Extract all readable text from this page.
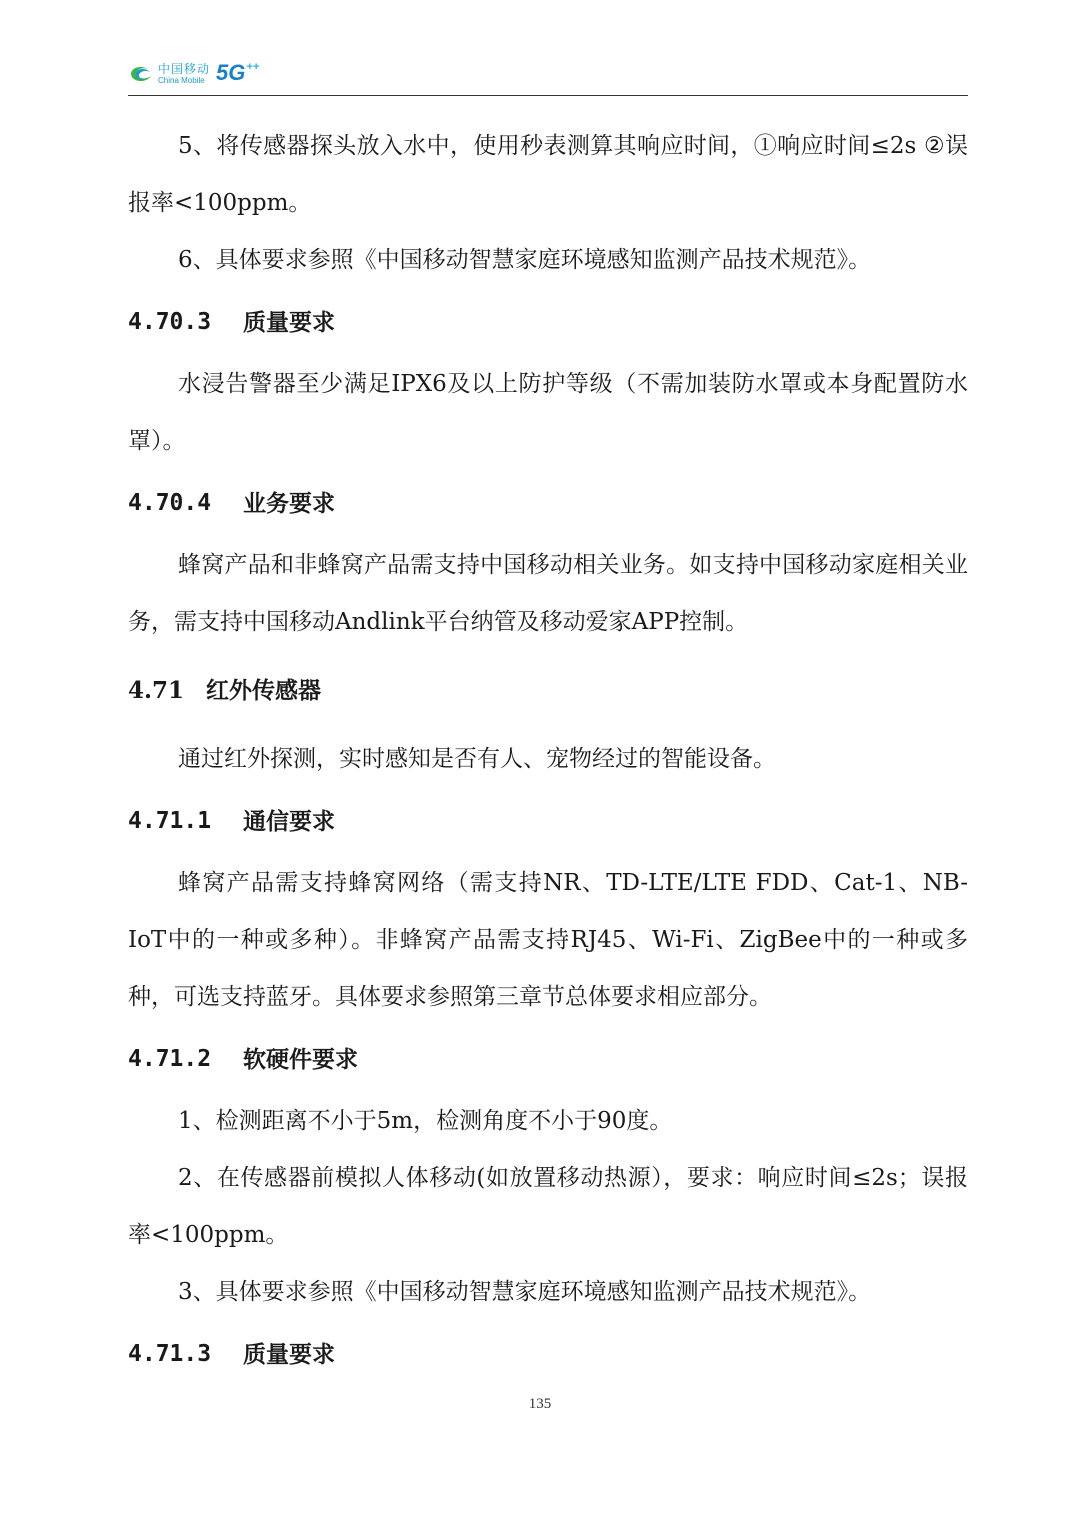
中国移动
China Mobile 5G++

5、将传感器探头放入水中，使用秒表测算其响应时间，①响应时间≤2s ②误报率<100ppm。

6、具体要求参照《中国移动智慧家庭环境感知监测产品技术规范》。

4.70.3	质量要求

水浸告警器至少满足IPX6及以上防护等级（不需加装防水罩或本身配置防水罩）。

4.70.4	业务要求

蜂窝产品和非蜂窝产品需支持中国移动相关业务。如支持中国移动家庭相关业务，需支持中国移动Andlink平台纳管及移动爱家APP控制。

4.71 红外传感器

通过红外探测，实时感知是否有人、宠物经过的智能设备。

4.71.1	通信要求

蜂窝产品需支持蜂窝网络（需支持NR、TD-LTE/LTE FDD、Cat-1、NB-IoT中的一种或多种）。非蜂窝产品需支持RJ45、Wi-Fi、ZigBee中的一种或多种，可选支持蓝牙。具体要求参照第三章节总体要求相应部分。

4.71.2	软硬件要求

1、检测距离不小于5m，检测角度不小于90度。

2、在传感器前模拟人体移动(如放置移动热源），要求：响应时间≤2s；误报率<100ppm。

3、具体要求参照《中国移动智慧家庭环境感知监测产品技术规范》。

4.71.3	质量要求
135
